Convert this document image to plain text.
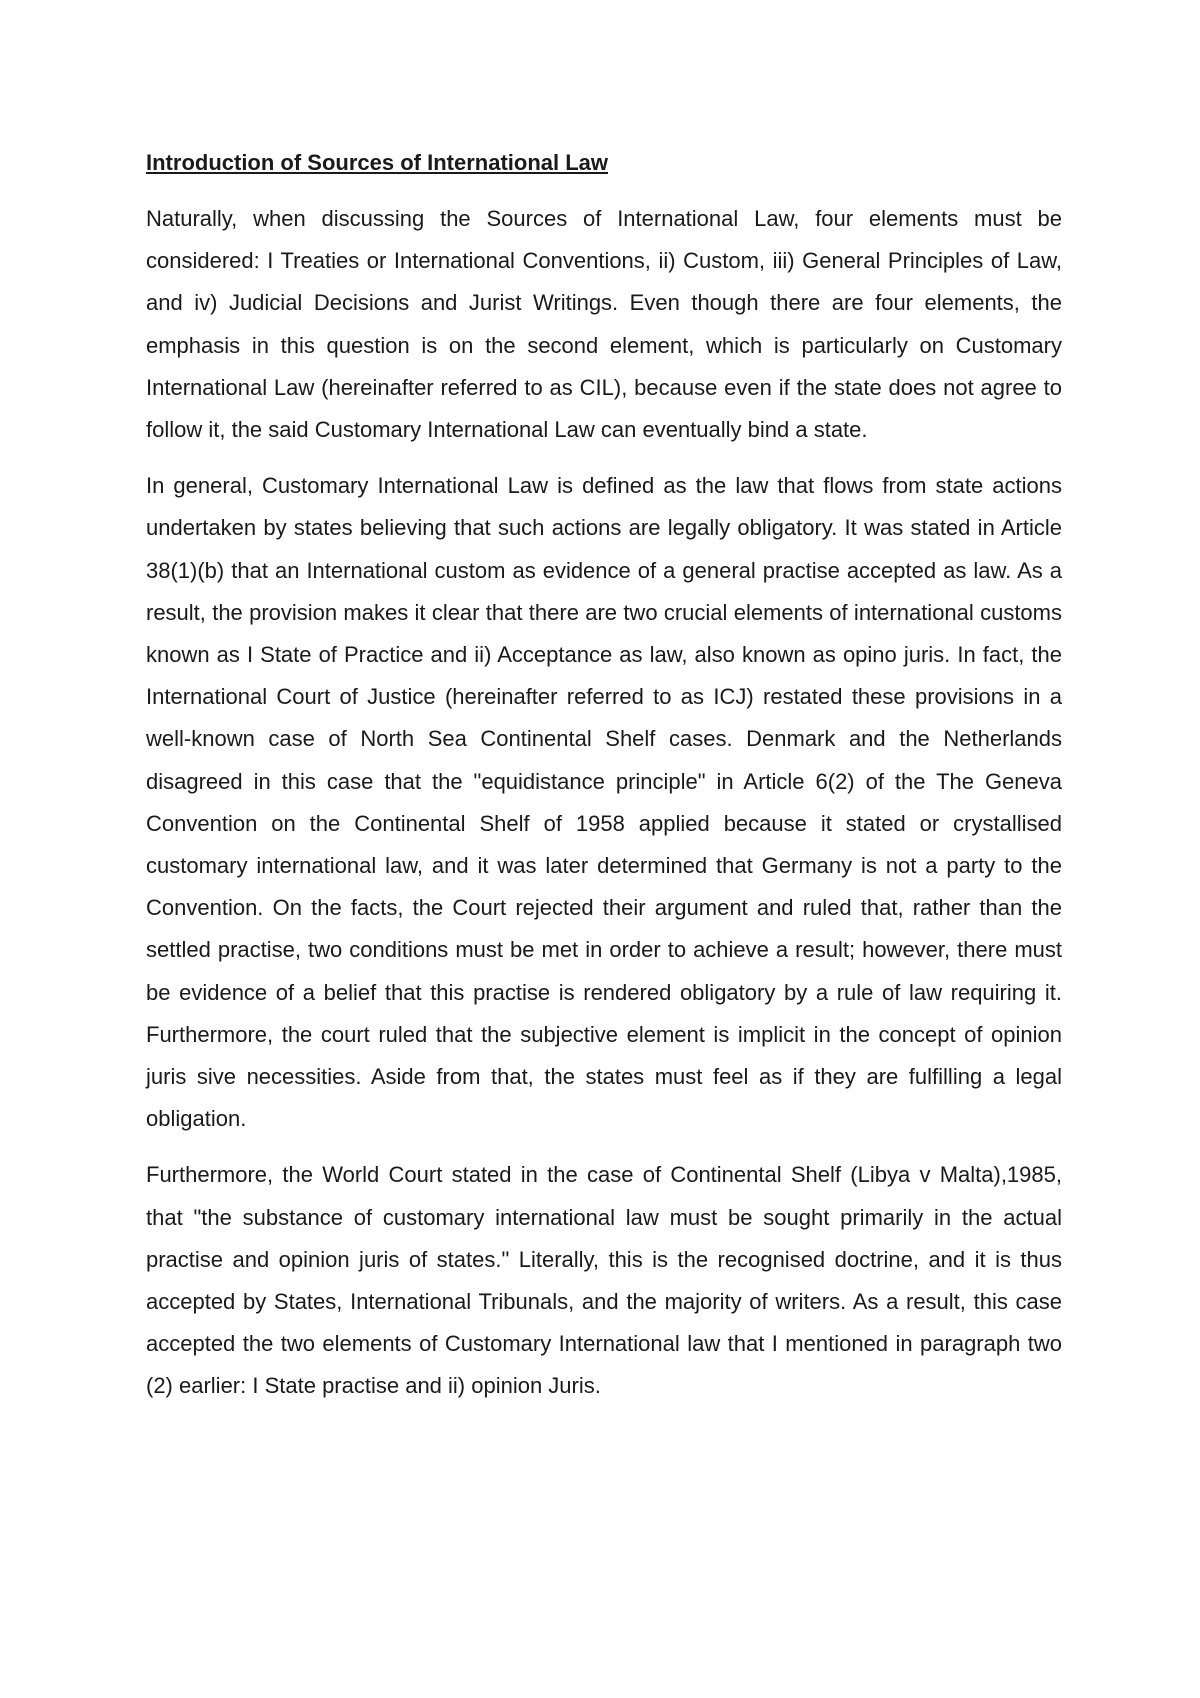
Introduction of Sources of International Law

Naturally, when discussing the Sources of International Law, four elements must be considered: I Treaties or International Conventions, ii) Custom, iii) General Principles of Law, and iv) Judicial Decisions and Jurist Writings. Even though there are four elements, the emphasis in this question is on the second element, which is particularly on Customary International Law (hereinafter referred to as CIL), because even if the state does not agree to follow it, the said Customary International Law can eventually bind a state.

In general, Customary International Law is defined as the law that flows from state actions undertaken by states believing that such actions are legally obligatory. It was stated in Article 38(1)(b) that an International custom as evidence of a general practise accepted as law. As a result, the provision makes it clear that there are two crucial elements of international customs known as I State of Practice and ii) Acceptance as law, also known as opino juris. In fact, the International Court of Justice (hereinafter referred to as ICJ) restated these provisions in a well-known case of North Sea Continental Shelf cases. Denmark and the Netherlands disagreed in this case that the "equidistance principle" in Article 6(2) of the The Geneva Convention on the Continental Shelf of 1958 applied because it stated or crystallised customary international law, and it was later determined that Germany is not a party to the Convention. On the facts, the Court rejected their argument and ruled that, rather than the settled practise, two conditions must be met in order to achieve a result; however, there must be evidence of a belief that this practise is rendered obligatory by a rule of law requiring it. Furthermore, the court ruled that the subjective element is implicit in the concept of opinion juris sive necessities. Aside from that, the states must feel as if they are fulfilling a legal obligation.

Furthermore, the World Court stated in the case of Continental Shelf (Libya v Malta),1985, that "the substance of customary international law must be sought primarily in the actual practise and opinion juris of states." Literally, this is the recognised doctrine, and it is thus accepted by States, International Tribunals, and the majority of writers. As a result, this case accepted the two elements of Customary International law that I mentioned in paragraph two (2) earlier: I State practise and ii) opinion Juris.
